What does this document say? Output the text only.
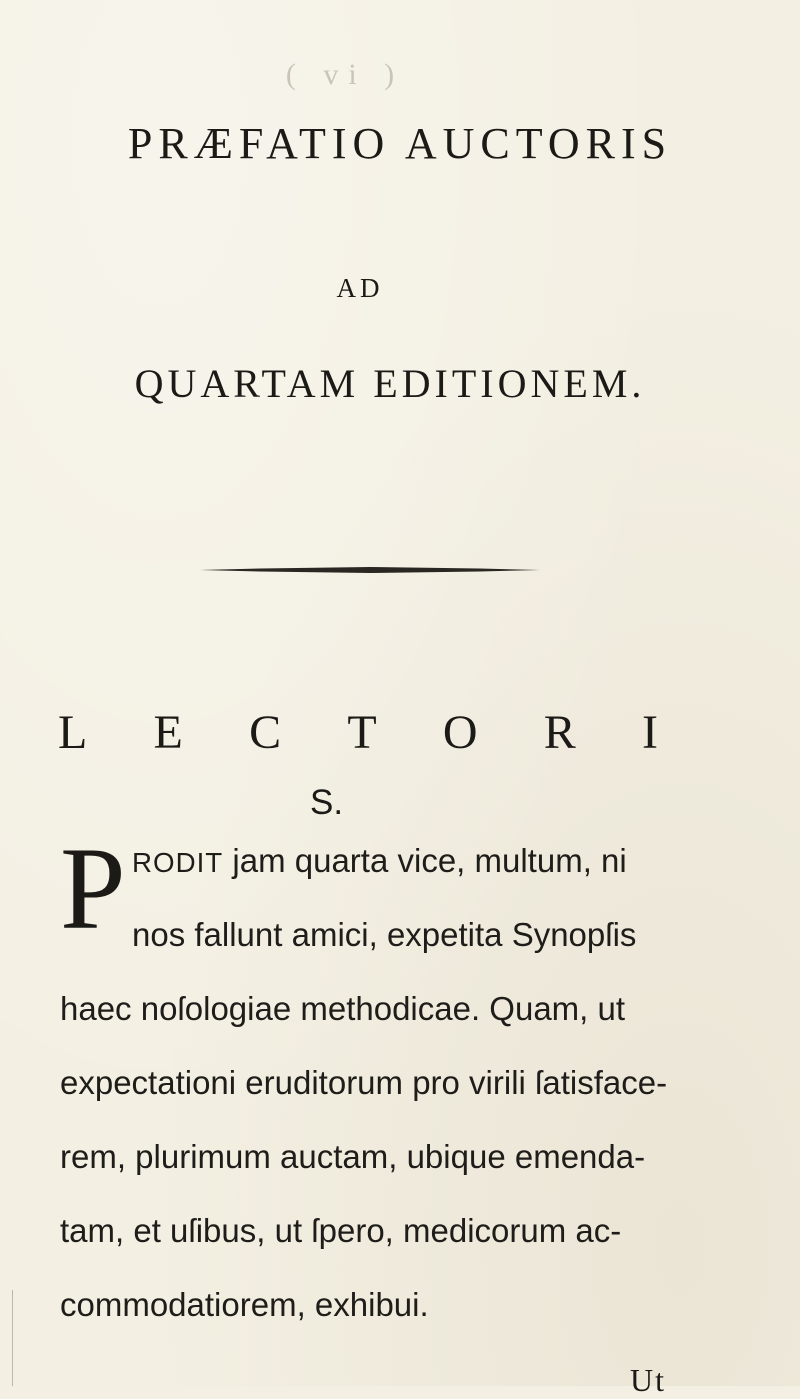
( vi )
PRÆFATIO AUCTORIS
AD
QUARTAM EDITIONEM.
L E C T O R I
S.
P RODIT jam quarta vice, multum, ni
nos fallunt amici, expetita Synopſis
haec noſologiae methodicae. Quam, ut
expectationi eruditorum pro virili ſatisface-
rem, plurimum auctam, ubique emenda-
tam, et uſibus, ut ſpero, medicorum ac-
commodatiorem, exhibui.
Ut
